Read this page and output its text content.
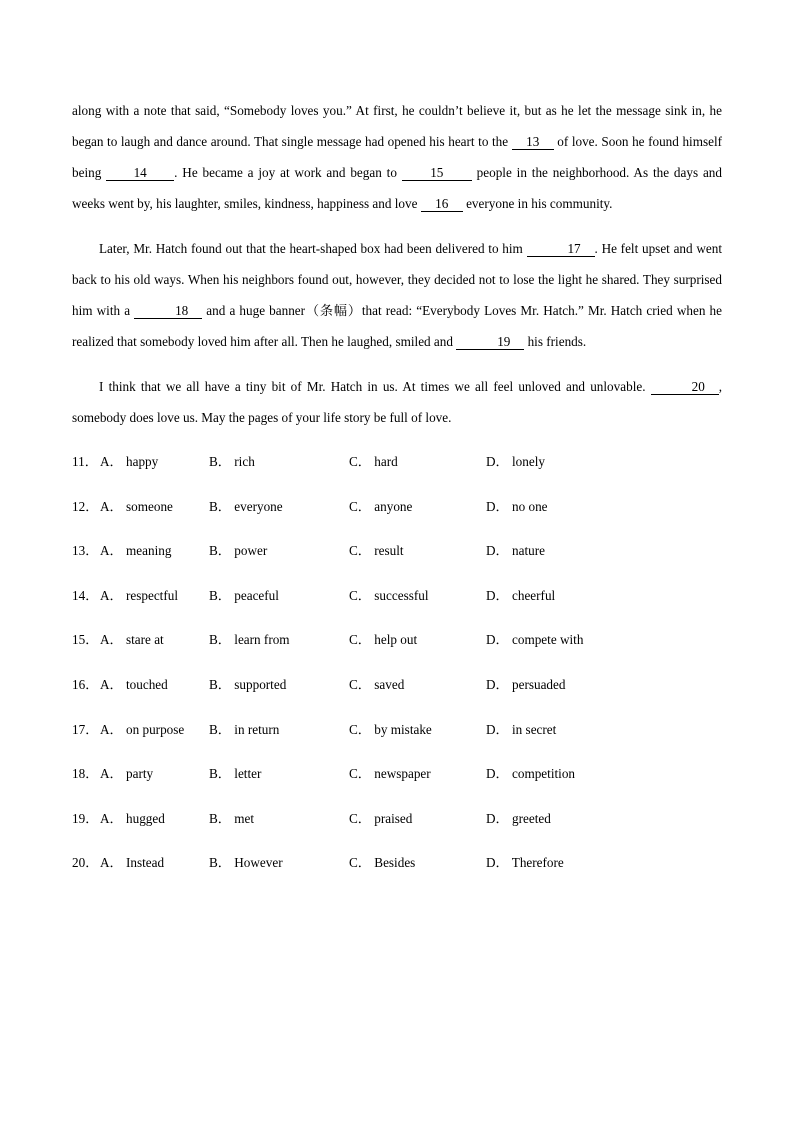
along with a note that said, “Somebody loves you.” At first, he couldn’t believe it, but as he let the message sink in, he began to laugh and dance around. That single message had opened his heart to the 13 of love. Soon he found himself being 14 . He became a joy at work and began to 15 people in the neighborhood. As the days and weeks went by, his laughter, smiles, kindness, happiness and love 16 everyone in his community.

Later, Mr. Hatch found out that the heart-shaped box had been delivered to him	17 . He felt upset and went back to his old ways. When his neighbors found out, however, they decided not to lose the light he shared. They surprised him with a	18 and a huge banner（条幅）that read: “Everybody Loves Mr. Hatch.” Mr. Hatch cried when he realized that somebody loved him after all. Then he laughed, smiled and	19 his friends.

I think that we all have a tiny bit of Mr. Hatch in us. At times we all feel unloved and unlovable.	20 , somebody does love us. May the pages of your life story be full of love.

11． A． happy	B． rich	C． hard	D． lonely
12． A． someone	B． everyone	C． anyone	D． no one
13． A． meaning	B． power	C． result	D． nature
14． A． respectful B． peaceful	C． successful	D． cheerful
15． A． stare at	B． learn from	C． help out	D． compete with
16． A． touched	B． supported	C． saved	D． persuaded
17． A． on purpose B． in return	C． by mistake	D． in secret
18． A． party	B． letter	C． newspaper	D． competition
19． A． hugged	B． met	C． praised	D． greeted
20． A． Instead	B． However	C． Besides	D． Therefore
